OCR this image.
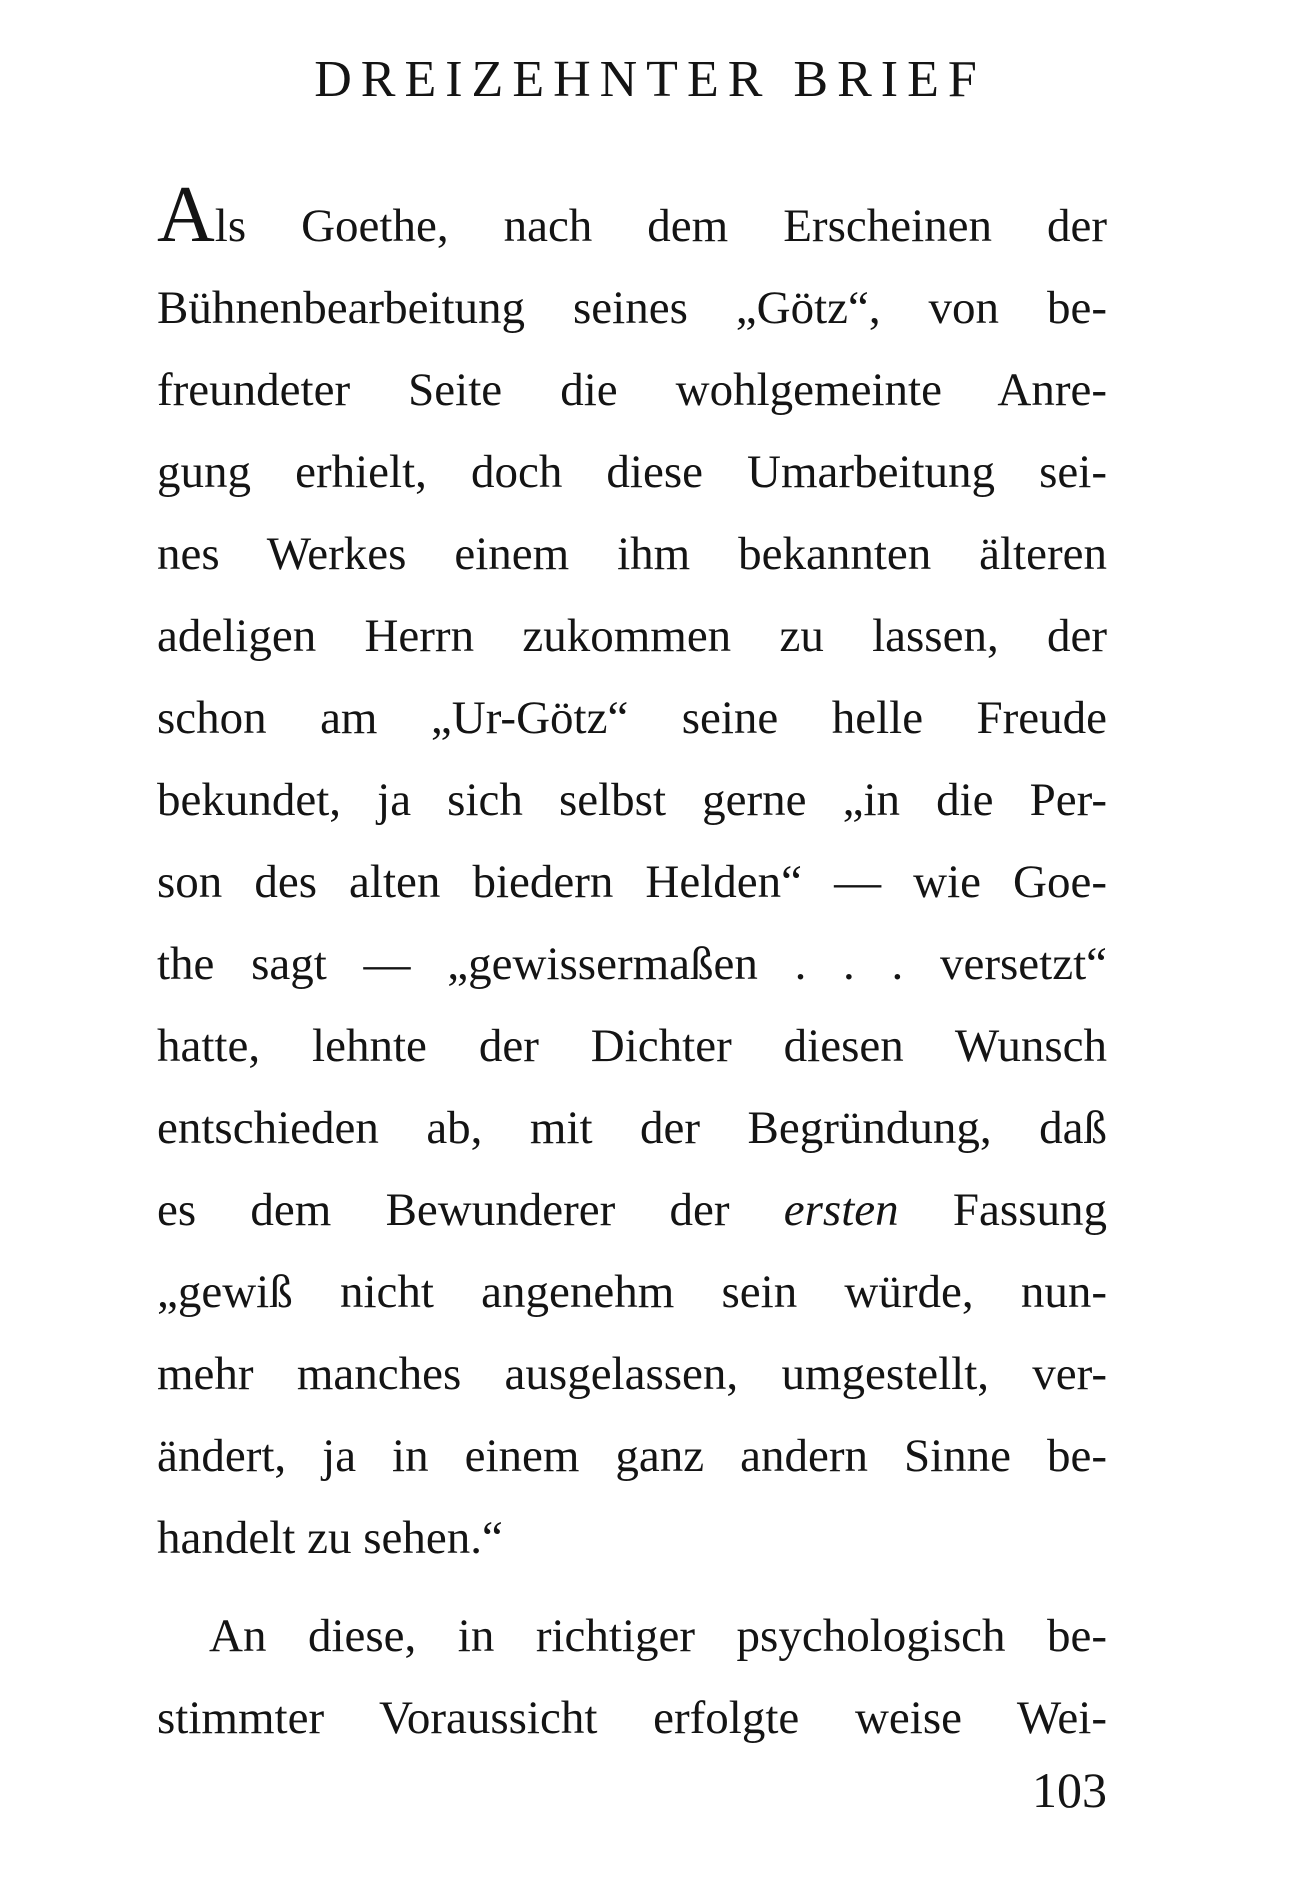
DREIZEHNTER BRIEF
Als Goethe, nach dem Erscheinen der
Bühnenbearbeitung seines „Götz“, von be-
freundeter Seite die wohlgemeinte Anre-
gung erhielt, doch diese Umarbeitung sei-
nes Werkes einem ihm bekannten älteren
adeligen Herrn zukommen zu lassen, der
schon am „Ur-Götz“ seine helle Freude
bekundet, ja sich selbst gerne „in die Per-
son des alten biedern Helden“ — wie Goe-
the sagt — „gewissermaßen . . . versetzt“
hatte, lehnte der Dichter diesen Wunsch
entschieden ab, mit der Begründung, daß
es dem Bewunderer der ersten Fassung
„gewiß nicht angenehm sein würde, nun-
mehr manches ausgelassen, umgestellt, ver-
ändert, ja in einem ganz andern Sinne be-
handelt zu sehen.“
An diese, in richtiger psychologisch be-
stimmter Voraussicht erfolgte weise Wei-
103
